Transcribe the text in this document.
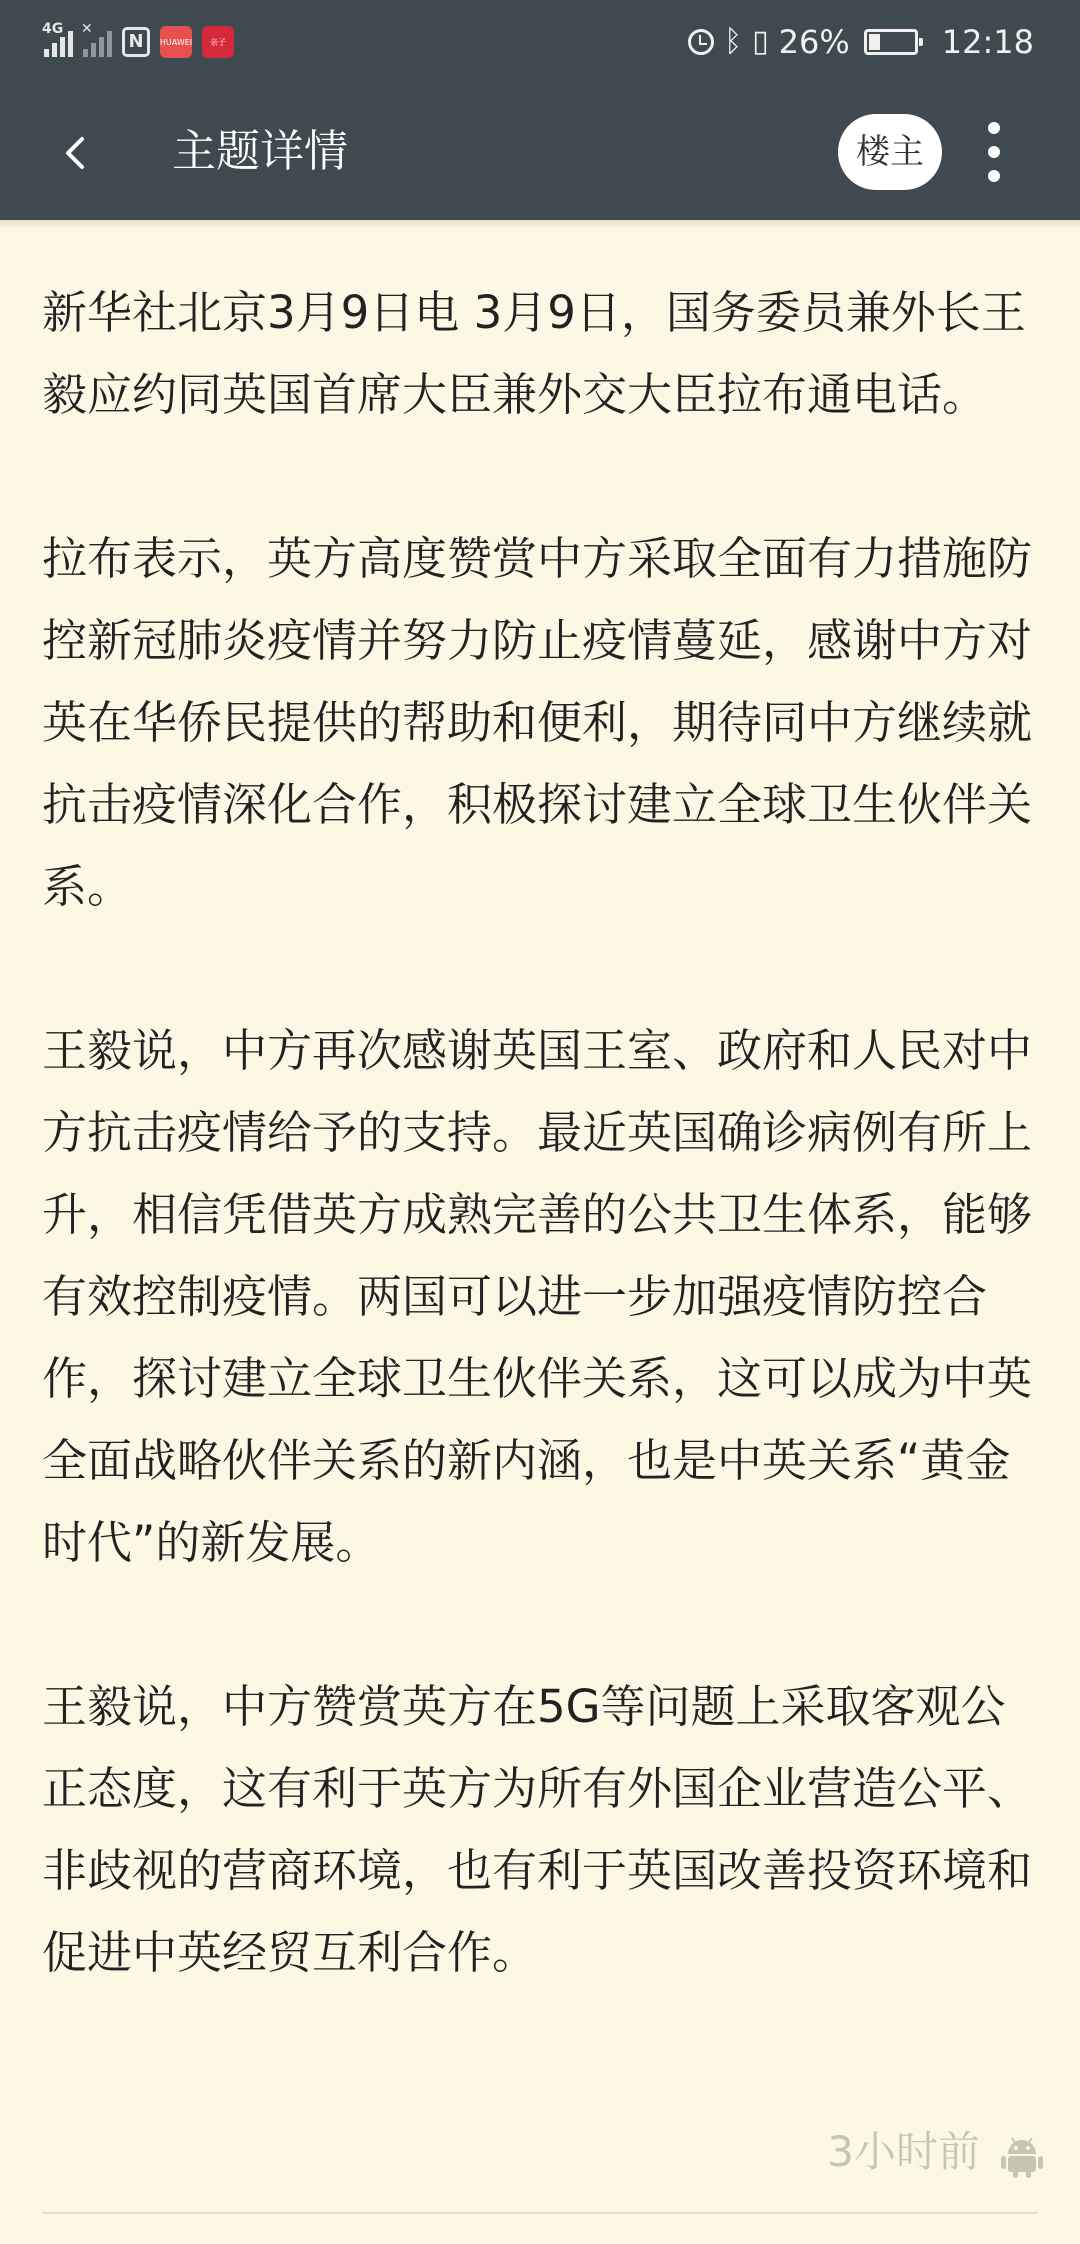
4G ✕
N	HUAWEI	亲子	ᛒ ▯ 26%	12:18
主题详情	楼主

新华社北京3月9日电 3月9日，国务委员兼外长王毅应约同英国首席大臣兼外交大臣拉布通电话。

拉布表示，英方高度赞赏中方采取全面有力措施防控新冠肺炎疫情并努力防止疫情蔓延，感谢中方对英在华侨民提供的帮助和便利，期待同中方继续就抗击疫情深化合作，积极探讨建立全球卫生伙伴关系。

王毅说，中方再次感谢英国王室、政府和人民对中方抗击疫情给予的支持。最近英国确诊病例有所上升，相信凭借英方成熟完善的公共卫生体系，能够有效控制疫情。两国可以进一步加强疫情防控合作，探讨建立全球卫生伙伴关系，这可以成为中英全面战略伙伴关系的新内涵，也是中英关系“黄金时代”的新发展。

王毅说，中方赞赏英方在5G等问题上采取客观公正态度，这有利于英方为所有外国企业营造公平、非歧视的营商环境，也有利于英国改善投资环境和促进中英经贸互利合作。

3小时前
